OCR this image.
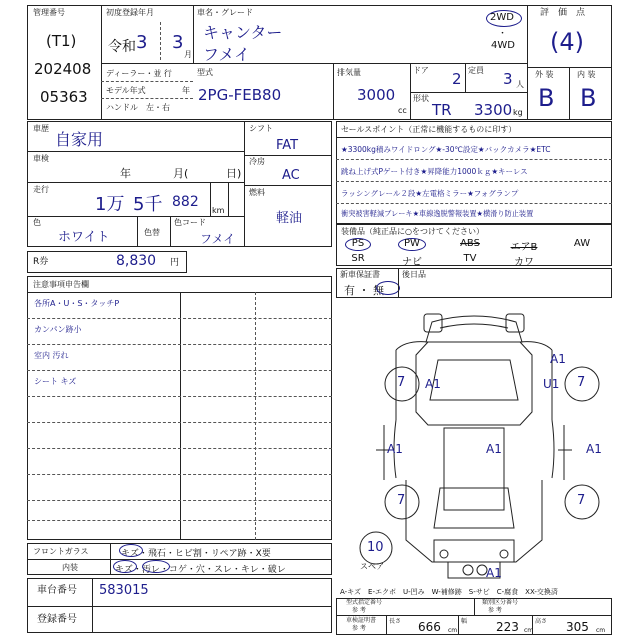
管理番号
(T1)
202408
05363
初度登録年月
令和 3 3
月
車名・グレード
キャンター
フメイ
2WD
・
4WD
評　価　点
(4)
外 装	内 装
B B
ディーラー・並 行
モデル年式	年
ハンドル　左・右
型式
2PG-FEB80
排気量
3000
cc
ドア 2 定員 3 人
形状
TR 3300 kg
車歴
自家用
車検
年	月(	日)
走行
1万 5千 882
km
色
ホワイト	色替
色コード
フメイ
シフト
FAT
冷房
AC
燃料
軽油
R券	8,830 円
注意事項申告欄
各所A・U・S・タッチP
カンパン跡小
室内 汚れ
シート キズ
セールスポイント（正常に機能するものに印す）
★3300kg積みワイドロング★-30℃設定★バックカメラ★ETC
跳ね上げ式Pゲート付き★昇降能力1000ｋｇ★キーレス
ラッシングレール２段★左電格ミラー★フォグランプ
衝突被害軽減ブレーキ★車線逸脱警報装置★横滑り防止装置
装備品（純正品に○をつけてください）
PS	PW	ABS	エアB	AW
SR	ナビ	TV	カワ
新車保証書
有 ・ 無
後日品
7	7
7	7
10
スペア
A1
A1	U1
A1	A1	A1
A1
フロントガラス	キズ・飛石・ヒビ割・リペア跡・X要
内装	キズ・汚レ・コゲ・穴・スレ・キレ・破レ
車台番号 583015
登録番号
A-キズ　E-エクボ　U-凹み　W-補修跡　S-サビ　C-腐食　XX-交換済
型式指定番号
参 考
類別区分番号
参 考
車検証明書
参 考
長さ 666 cm
幅 223 cm
高さ 305 cm
